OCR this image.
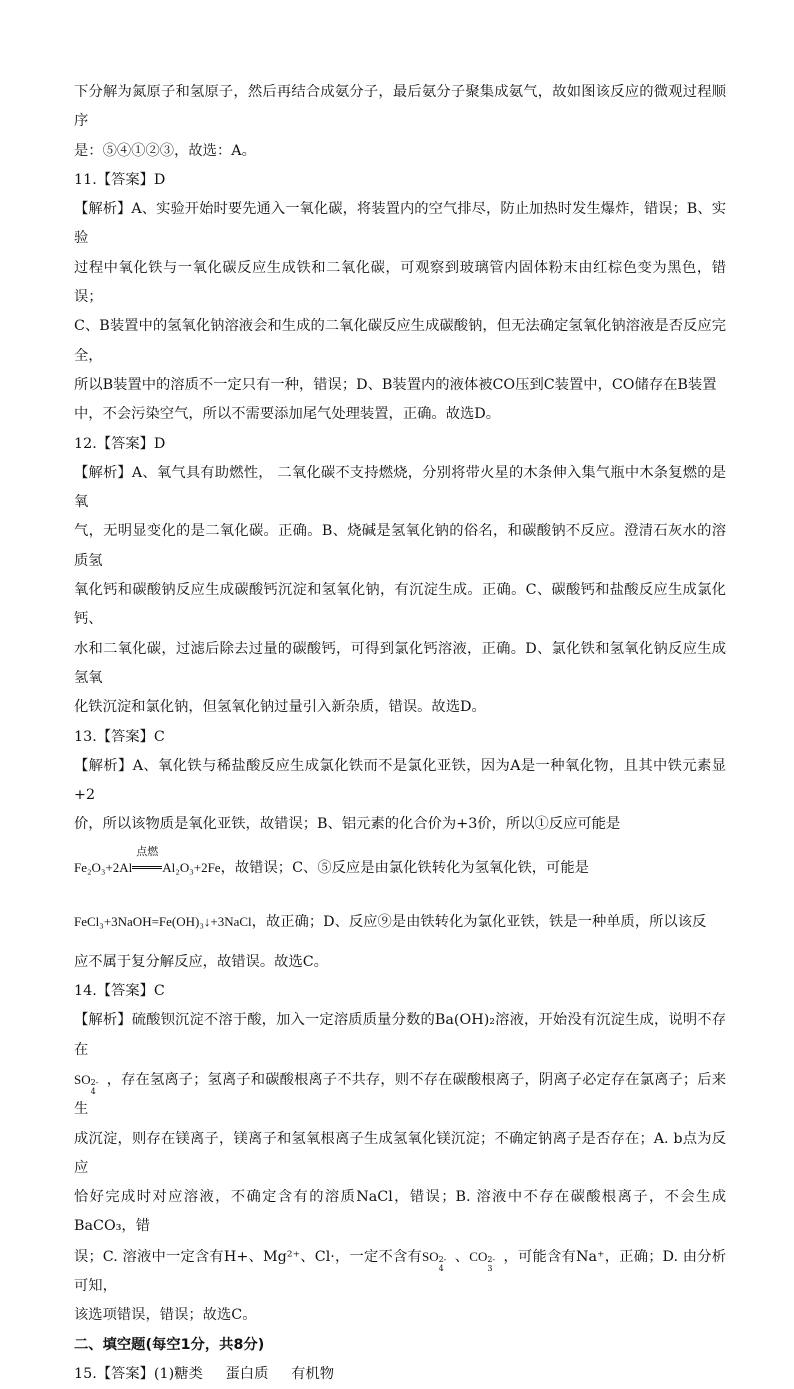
下分解为氮原子和氢原子，然后再结合成氨分子，最后氨分子聚集成氨气，故如图该反应的微观过程顺序

是：⑤④①②③，故选：A。

11.【答案】D

【解析】A、实验开始时要先通入一氧化碳，将装置内的空气排尽，防止加热时发生爆炸，错误；B、实验

过程中氧化铁与一氧化碳反应生成铁和二氧化碳，可观察到玻璃管内固体粉末由红棕色变为黑色，错误；

C、B装置中的氢氧化钠溶液会和生成的二氧化碳反应生成碳酸钠，但无法确定氢氧化钠溶液是否反应完全，

所以B装置中的溶质不一定只有一种，错误；D、B装置内的液体被CO压到C装置中，CO储存在B装置

中，不会污染空气，所以不需要添加尾气处理装置，正确。故选D。

12.【答案】D

【解析】A、氧气具有助燃性， 二氧化碳不支持燃烧，分别将带火星的木条伸入集气瓶中木条复燃的是氧

气，无明显变化的是二氧化碳。正确。B、烧碱是氢氧化钠的俗名，和碳酸钠不反应。澄清石灰水的溶质氢

氧化钙和碳酸钠反应生成碳酸钙沉淀和氢氧化钠，有沉淀生成。正确。C、碳酸钙和盐酸反应生成氯化钙、

水和二氧化碳，过滤后除去过量的碳酸钙，可得到氯化钙溶液，正确。D、氯化铁和氢氧化钠反应生成氢氧

化铁沉淀和氯化钠，但氢氧化钠过量引入新杂质，错误。故选D。

13.【答案】C

【解析】A、氧化铁与稀盐酸反应生成氯化铁而不是氯化亚铁，因为A是一种氧化物，且其中铁元素显+2

价，所以该物质是氧化亚铁，故错误；B、铝元素的化合价为+3价，所以①反应可能是

Fe₂O₃+2Al
点燃
Al₂O₃+2Fe，故错误；C、⑤反应是由氯化铁转化为氢氧化铁，可能是
FeCl₃+3NaOH=Fe(OH)₃↓+3NaCl，故正确；D、反应⑨是由铁转化为氯化亚铁，铁是一种单质，所以该反

应不属于复分解反应，故错误。故选C。

14.【答案】C

【解析】硫酸钡沉淀不溶于酸，加入一定溶质质量分数的Ba(OH)₂溶液，开始没有沉淀生成，说明不存在

SO 2-
4
，存在氢离子；氢离子和碳酸根离子不共存，则不存在碳酸根离子，阴离子必定存在氯离子；后来生

成沉淀，则存在镁离子，镁离子和氢氧根离子生成氢氧化镁沉淀；不确定钠离子是否存在；A. b点为反应

恰好完成时对应溶液，不确定含有的溶质NaCl，错误；B. 溶液中不存在碳酸根离子，不会生成BaCO₃，错

误；C. 溶液中一定含有H+、Mg²⁺、Cl·，一定不含有SO 2-
4
、CO 2-
3
，可能含有Na⁺，正确；D. 由分析可知，

该选项错误，错误；故选C。

二、填空题(每空1分，共8分)

15.【答案】(1)糖类     蛋白质     有机物
